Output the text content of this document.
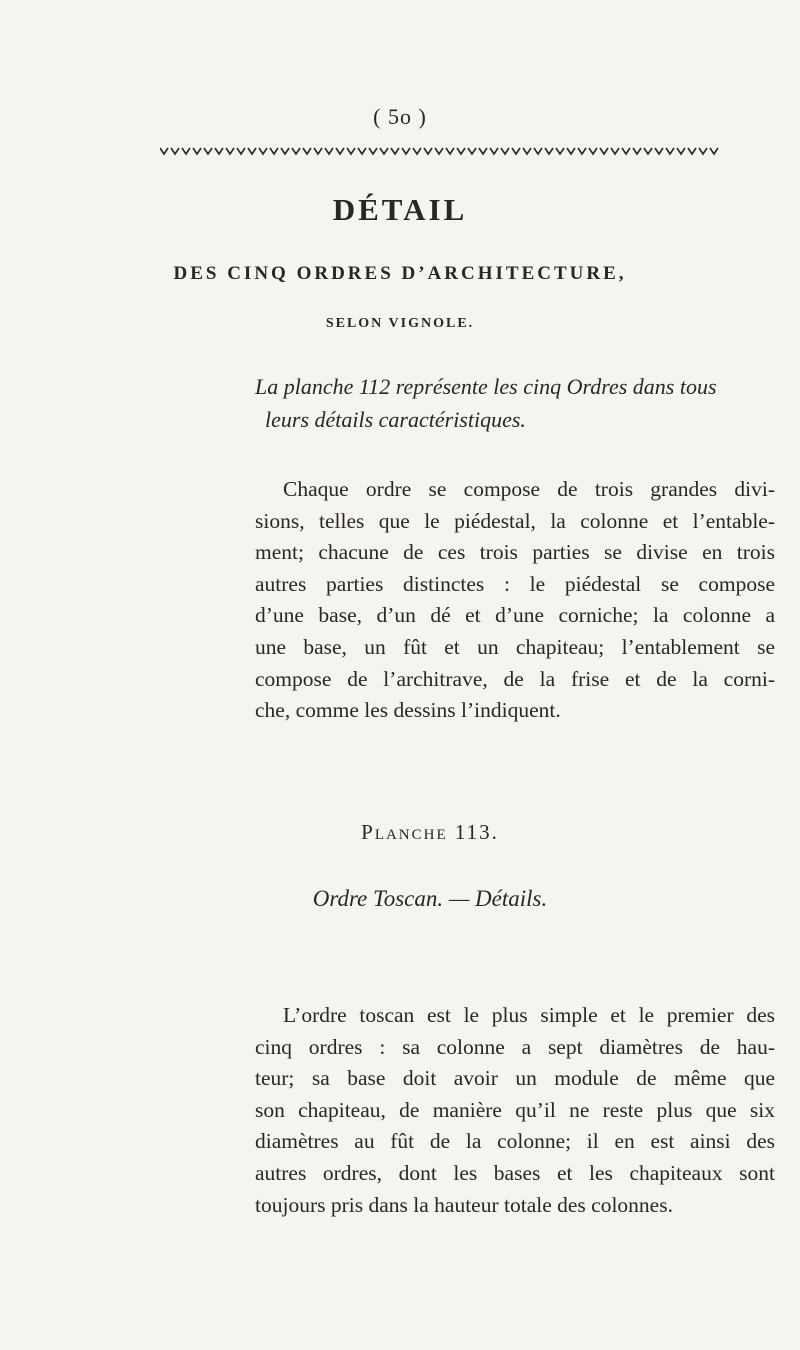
( 5o )
DÉTAIL
DES CINQ ORDRES D’ARCHITECTURE,
SELON VIGNOLE.
La planche 112 représente les cinq Ordres dans tous
leurs détails caractéristiques.
Chaque ordre se compose de trois grandes divi-
sions, telles que le piédestal, la colonne et l’entable-
ment; chacune de ces trois parties se divise en trois
autres parties distinctes : le piédestal se compose
d’une base, d’un dé et d’une corniche; la colonne a
une base, un fût et un chapiteau; l’entablement se
compose de l’architrave, de la frise et de la corni-
che, comme les dessins l’indiquent.
PLANCHE 113.
Ordre Toscan. — Détails.
L’ordre toscan est le plus simple et le premier des
cinq ordres : sa colonne a sept diamètres de hau-
teur; sa base doit avoir un module de même que
son chapiteau, de manière qu’il ne reste plus que six
diamètres au fût de la colonne; il en est ainsi des
autres ordres, dont les bases et les chapiteaux sont
toujours pris dans la hauteur totale des colonnes.
